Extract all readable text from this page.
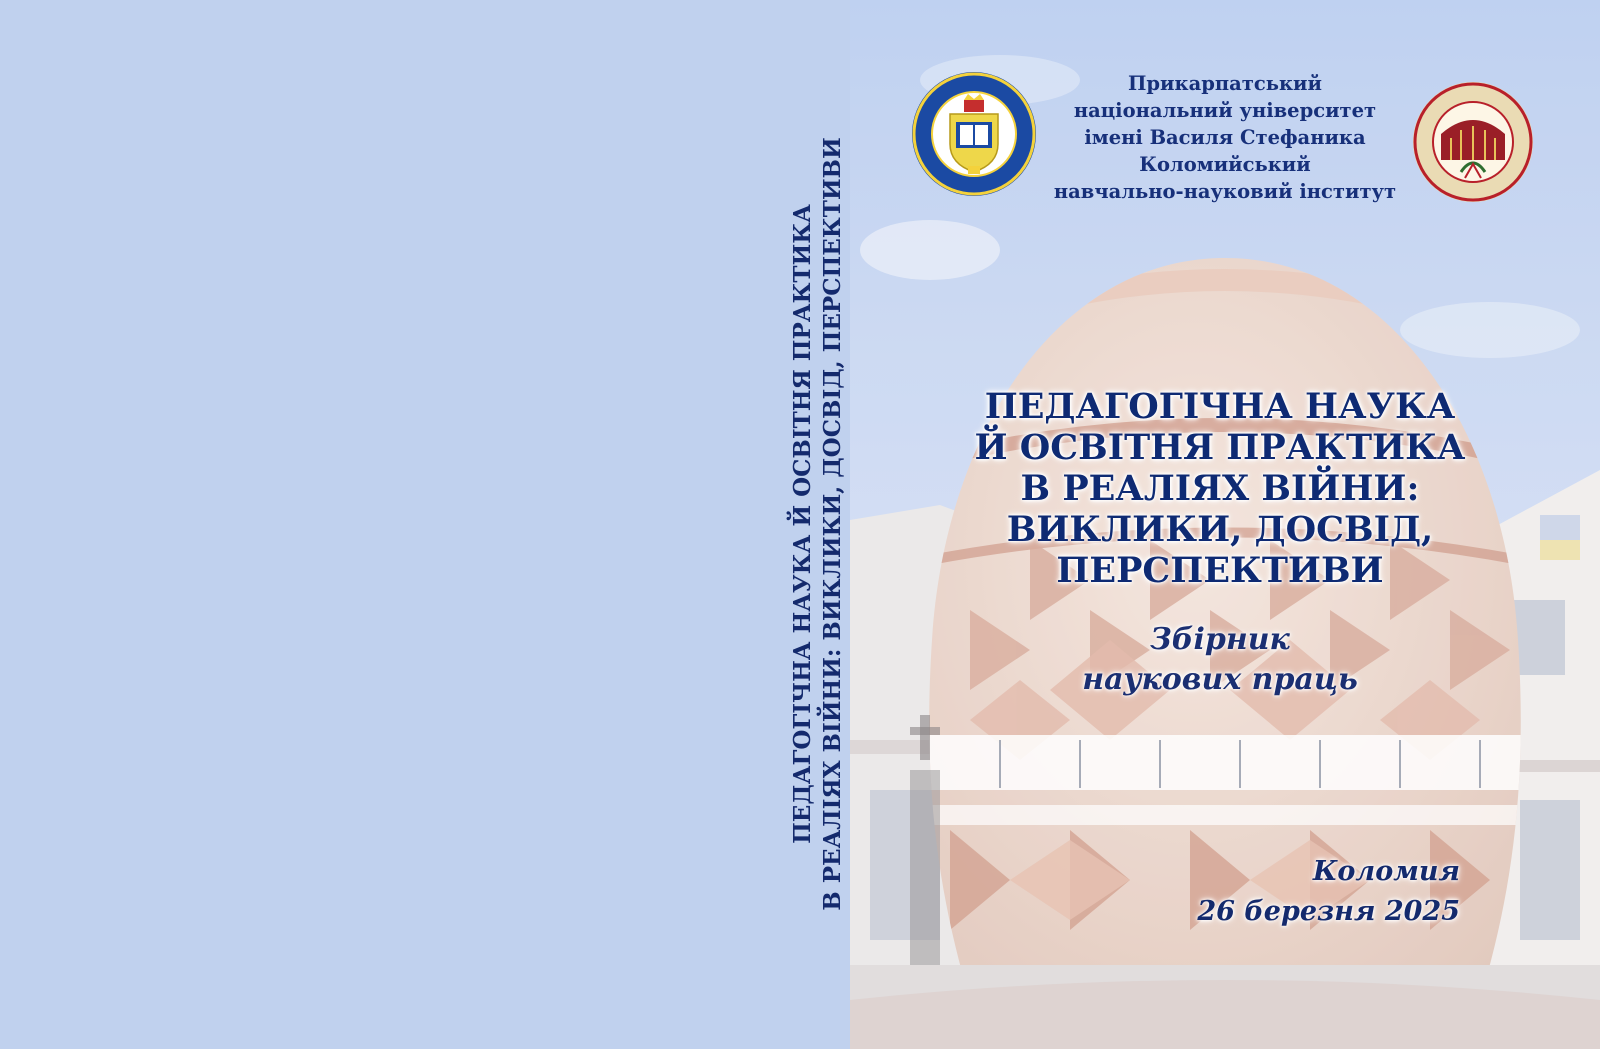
ПЕДАГОГІЧНА НАУКА Й ОСВІТНЯ ПРАКТИКА В РЕАЛІЯХ ВІЙНИ: ВИКЛИКИ, ДОСВІД, ПЕРСПЕКТИВИ
Прикарпатський
національний університет
імені Василя Стефаника
Коломийський
навчально-науковий інститут
ПЕДАГОГІЧНА НАУКА
Й ОСВІТНЯ ПРАКТИКА
В РЕАЛІЯХ ВІЙНИ:
ВИКЛИКИ, ДОСВІД,
ПЕРСПЕКТИВИ
Збірник
наукових праць
Коломия
26 березня 2025
